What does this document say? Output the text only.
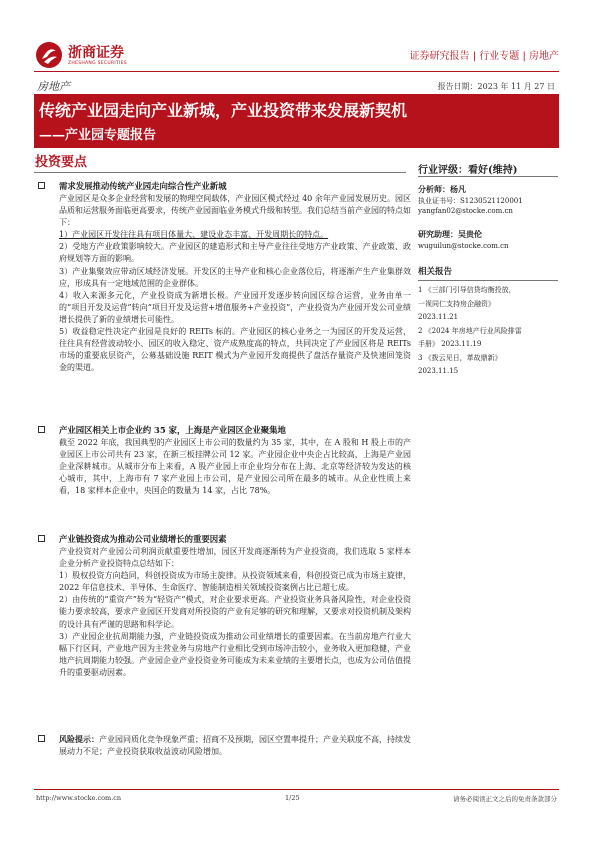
浙商证券
ZHESHANG SECURITIES
证券研究报告 | 行业专题 | 房地产
房地产	报告日期：2023 年 11 月 27 日
传统产业园走向产业新城，产业投资带来发展新契机
——产业园专题报告
投资要点
需求发展推动传统产业园走向综合性产业新城

产业园区是众多企业经营和发展的物理空间载体，产业园区模式经过 40 余年产业园发展历史。园区品质和运营服务面临更高要求，传统产业园面临业务模式升级和转型。我们总结当前产业园的特点如下：

1）产业园区开发往往具有项目体量大、建设业态丰富、开发周期长的特点。

2）受地方产业政策影响较大。产业园区的建造形式和主导产业往往受地方产业政策、产业政策、政府规划等方面的影响。

3）产业集聚效应带动区域经济发展。开发区的主导产业和核心企业落位后，将逐渐产生产业集群效应，形成具有一定地域范围的企业群体。

4）收入来源多元化，产业投资成为新增长极。产业园开发逐步转向园区综合运营，业务由单一的“项目开发及运营”转向“项目开发及运营+增值服务+产业投资”，产业投资为产业园开发公司业绩增长提供了新的业绩增长可能性。

5）收益稳定性决定产业园是良好的 REITs 标的。产业园区的核心业务之一为园区的开发及运营，往往具有经营波动较小、园区的收入稳定、资产成熟度高的特点，共同决定了产业园区将是 REITs 市场的重要底层资产，公募基础设施 REIT 模式为产业园开发商提供了盘活存量资产及快速回笼资金的渠道。

产业园区相关上市企业约 35 家，上海是产业园区企业聚集地

截至 2022 年底，我国典型的产业园区上市公司的数量约为 35 家，其中，在 A 股和 H 股上市的产业园区上市公司共有 23 家，在新三板挂牌公司 12 家。产业园企业中央企占比较高，上海是产业园企业深耕城市。从城市分布上来看，A 股产业园上市企业均分布在上海、北京等经济较为发达的核心城市，其中，上海市有 7 家产业园上市公司，是产业园公司所在最多的城市。从企业性质上来看，18 家样本企业中，央国企的数量为 14 家，占比 78%。

产业链投资成为推动公司业绩增长的重要因素

产业投资对产业园公司利润贡献重要性增加，园区开发商逐渐转为产业投资商，我们选取 5 家样本企业分析产业投资特点总结如下：

1）股权投资方向趋同，科创投资成为市场主旋律。从投资领域来看，科创投资已成为市场主旋律，2022 年信息技术、半导体、生命医疗、智能制造相关领域投资案例占比已超七成。

2）由传统的“重资产”转为“轻资产”模式，对企业要求更高。产业投资业务具备风险性，对企业投资能力要求较高，要求产业园区开发商对所投资的产业有足够的研究和理解，又要求对投资机制及架构的设计具有严谨的思路和科学论。

3）产业园企业抗周期能力强，产业链投资成为推动公司业绩增长的重要因素。在当前房地产行业大幅下行区间，产业地产因为主营业务与房地产行业相比受到市场冲击较小，业务收入更加稳健，产业地产抗周期能力较强。产业园企业产业投资业务可能成为未来业绩的主要增长点，也成为公司估值提升的重要驱动因素。

风险提示：产业园同质化竞争现象严重；招商不及预期，园区空置率提升；产业关联度不高，持续发展动力不足；产业投资获取收益波动风险增加。

行业评级：看好(维持)
分析师：杨凡
执业证书号：S1230521120001
yangfan02@stocke.com.cn
研究助理：吴贵伦
wuguilun@stocke.com.cn
相关报告
1 《三部门引导信贷均衡投放，
一视同仁支持房企融资》
2023.11.21
2 《2024 年房地产行业风险排雷
手册》 2023.11.19
3 《拨云见日，革故鼎新》
2023.11.15
http://www.stocke.com.cn	1/25	请务必阅读正文之后的免责条款部分
